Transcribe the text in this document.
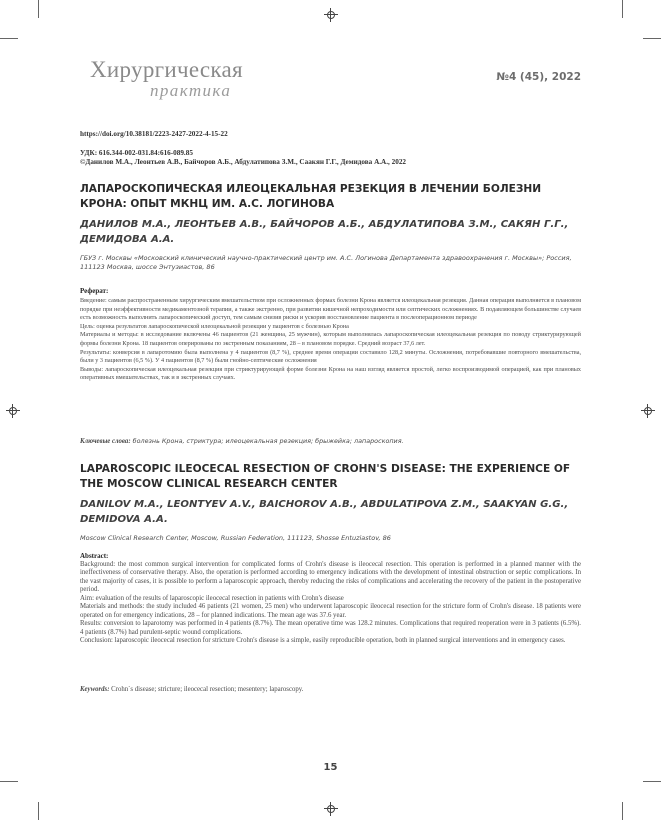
Хирургическая
практика
№4 (45), 2022
https://doi.org/10.38181/2223-2427-2022-4-15-22
УДК: 616.344-002-031.84:616-089.85
©Данилов М.А., Леонтьев А.В., Байчоров А.Б., Абдулатипова З.М., Саакян Г.Г., Демидова А.А., 2022
ЛАПАРОСКОПИЧЕСКАЯ ИЛЕОЦЕКАЛЬНАЯ РЕЗЕКЦИЯ В ЛЕЧЕНИИ БОЛЕЗНИ КРОНА: ОПЫТ МКНЦ ИМ. А.С. ЛОГИНОВА
ДАНИЛОВ М.А., ЛЕОНТЬЕВ А.В., БАЙЧОРОВ А.Б., АБДУЛАТИПОВА З.М., САКЯН Г.Г., ДЕМИДОВА А.А.
ГБУЗ г. Москвы «Московский клинический научно-практический центр им. А.С. Логинова Департамента здравоохранения г. Москвы»; Россия, 111123 Москва, шоссе Энтузиастов, 86
Реферат:

Введение: самым распространенным хирургическим вмешательством при осложненных формах болезни Крона является илеоцекальная резекция. Данная операция выполняется в плановом порядке при неэффективности медикаментозной терапии, а также экстренно, при развитии кишечной непроходимости или септических осложнениях. В подавляющем большинстве случаев есть возможность выполнить лапароскопический доступ, тем самым снизив риски и ускорив восстановление пациента в послеоперационном периоде

Цель: оценка результатов лапароскопической илеоцекальной резекции у пациентов с болезнью Крона

Материалы и методы: в исследование включены 46 пациентов (21 женщина, 25 мужчин), которым выполнялась лапароскопическая илеоцекальная резекция по поводу стриктурирующей формы болезни Крона. 18 пациентов оперированы по экстренным показаниям, 28 – в плановом порядке. Средний возраст 37,6 лет.

Результаты: конверсия в лапаротомию была выполнена у 4 пациентов (8,7 %), среднее время операции составило 128,2 минуты. Осложнения, потребовавшие повторного вмешательства, были у 3 пациентов (6,5 %). У 4 пациентов (8,7 %) были гнойно-септические осложнения

Выводы: лапароскопическая илеоцекальная резекция при стриктурирующей форме болезни Крона на наш взгляд является простой, легко воспроизводимой операцией, как при плановых оперативных вмешательствах, так и в экстренных случаях.

Ключевые слова: болезнь Крона, стриктура; илеоцекальная резекция; брыжейка; лапароскопия.
LAPAROSCOPIC ILEOCECAL RESECTION OF CROHN'S DISEASE: THE EXPERIENCE OF THE MOSCOW CLINICAL RESEARCH CENTER
DANILOV M.A., LEONTYEV A.V., BAICHOROV A.B., ABDULATIPOVA Z.M., SAAKYAN G.G., DEMIDOVA A.A.
Moscow Clinical Research Center, Moscow, Russian Federation, 111123, Shosse Entuziastov, 86
Abstract:

Background: the most common surgical intervention for complicated forms of Crohn's disease is ileocecal resection. This operation is performed in a planned manner with the ineffectiveness of conservative therapy. Also, the operation is performed according to emergency indications with the development of intestinal obstruction or septic complications. In the vast majority of cases, it is possible to perform a laparoscopic approach, thereby reducing the risks of complications and accelerating the recovery of the patient in the postoperative period.

Aim: evaluation of the results of laparoscopic ileocecal resection in patients with Crohn's disease

Materials and methods: the study included 46 patients (21 women, 25 men) who underwent laparoscopic ileocecal resection for the stricture form of Crohn's disease. 18 patients were operated on for emergency indications, 28 – for planned indications. The mean age was 37.6 year.

Results: conversion to laparotomy was performed in 4 patients (8.7%). The mean operative time was 128.2 minutes. Complications that required reoperation were in 3 patients (6.5%). 4 patients (8.7%) had purulent-septic wound complications.

Conclusion: laparoscopic ileocecal resection for stricture Crohn's disease is a simple, easily reproducible operation, both in planned surgical interventions and in emergency cases.

Keywords: Crohn`s disease; stricture; ileocecal resection; mesentery; laparoscopy.
15
